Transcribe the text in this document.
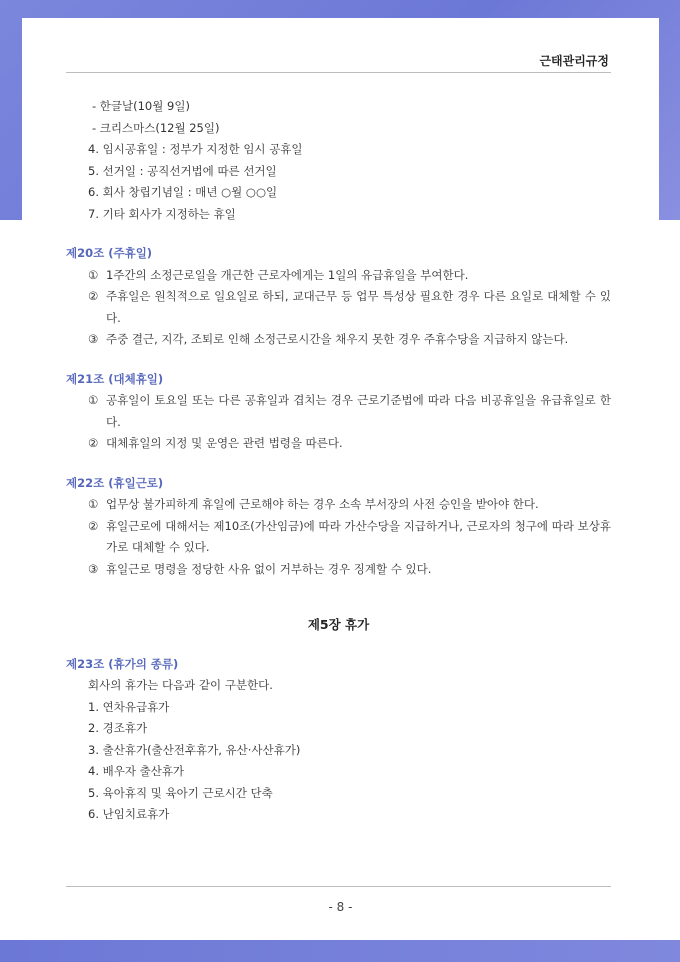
근태관리규정
- 한글날(10월 9일)
- 크리스마스(12월 25일)
4. 임시공휴일 : 정부가 지정한 임시 공휴일
5. 선거일 : 공직선거법에 따른 선거일
6. 회사 창립기념일 : 매년 ○월 ○○일
7. 기타 회사가 지정하는 휴일
제20조 (주휴일)
① 1주간의 소정근로일을 개근한 근로자에게는 1일의 유급휴일을 부여한다.
② 주휴일은 원칙적으로 일요일로 하되, 교대근무 등 업무 특성상 필요한 경우 다른 요일로 대체할 수 있다.
③ 주중 결근, 지각, 조퇴로 인해 소정근로시간을 채우지 못한 경우 주휴수당을 지급하지 않는다.
제21조 (대체휴일)
① 공휴일이 토요일 또는 다른 공휴일과 겹치는 경우 근로기준법에 따라 다음 비공휴일을 유급휴일로 한다.
② 대체휴일의 지정 및 운영은 관련 법령을 따른다.
제22조 (휴일근로)
① 업무상 불가피하게 휴일에 근로해야 하는 경우 소속 부서장의 사전 승인을 받아야 한다.
② 휴일근로에 대해서는 제10조(가산임금)에 따라 가산수당을 지급하거나, 근로자의 청구에 따라 보상휴가로 대체할 수 있다.
③ 휴일근로 명령을 정당한 사유 없이 거부하는 경우 징계할 수 있다.
제5장 휴가
제23조 (휴가의 종류)
회사의 휴가는 다음과 같이 구분한다.
1. 연차유급휴가
2. 경조휴가
3. 출산휴가(출산전후휴가, 유산·사산휴가)
4. 배우자 출산휴가
5. 육아휴직 및 육아기 근로시간 단축
6. 난임치료휴가
- 8 -
